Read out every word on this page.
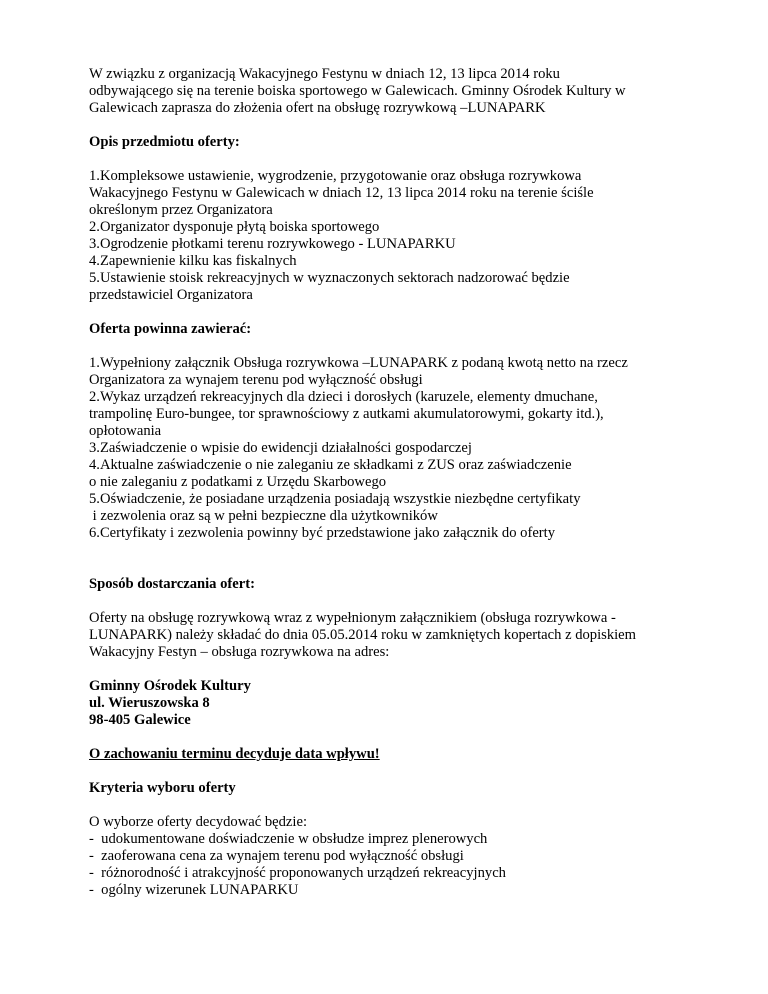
W związku z organizacją Wakacyjnego Festynu w dniach 12, 13 lipca 2014 roku
odbywającego się na terenie boiska sportowego w Galewicach. Gminny Ośrodek Kultury w
Galewicach zaprasza do złożenia ofert na obsługę rozrywkową –LUNAPARK

Opis przedmiotu oferty:

1.Kompleksowe ustawienie, wygrodzenie, przygotowanie oraz obsługa rozrywkowa
Wakacyjnego Festynu w Galewicach w dniach 12, 13 lipca 2014 roku na terenie ściśle
określonym przez Organizatora
2.Organizator dysponuje płytą boiska sportowego
3.Ogrodzenie płotkami terenu rozrywkowego - LUNAPARKU
4.Zapewnienie kilku kas fiskalnych
5.Ustawienie stoisk rekreacyjnych w wyznaczonych sektorach nadzorować będzie
przedstawiciel Organizatora

Oferta powinna zawierać:

1.Wypełniony załącznik Obsługa rozrywkowa –LUNAPARK z podaną kwotą netto na rzecz
Organizatora za wynajem terenu pod wyłączność obsługi
2.Wykaz urządzeń rekreacyjnych dla dzieci i dorosłych (karuzele, elementy dmuchane,
trampolinę Euro-bungee, tor sprawnościowy z autkami akumulatorowymi, gokarty itd.),
opłotowania
3.Zaświadczenie o wpisie do ewidencji działalności gospodarczej
4.Aktualne zaświadczenie o nie zaleganiu ze składkami z ZUS oraz zaświadczenie
o nie zaleganiu z podatkami z Urzędu Skarbowego
5.Oświadczenie, że posiadane urządzenia posiadają wszystkie niezbędne certyfikaty
i zezwolenia oraz są w pełni bezpieczne dla użytkowników
6.Certyfikaty i zezwolenia powinny być przedstawione jako załącznik do oferty

Sposób dostarczania ofert:

Oferty na obsługę rozrywkową wraz z wypełnionym załącznikiem (obsługa rozrywkowa -
LUNAPARK) należy składać do dnia 05.05.2014 roku w zamkniętych kopertach z dopiskiem
Wakacyjny Festyn – obsługa rozrywkowa na adres:
Gminny Ośrodek Kultury
ul. Wieruszowska 8
98-405 Galewice

O zachowaniu terminu decyduje data wpływu!

Kryteria wyboru oferty

O wyborze oferty decydować będzie:

-  udokumentowane doświadczenie w obsłudze imprez plenerowych
-  zaoferowana cena za wynajem terenu pod wyłączność obsługi
-  różnorodność i atrakcyjność proponowanych urządzeń rekreacyjnych
-  ogólny wizerunek LUNAPARKU
